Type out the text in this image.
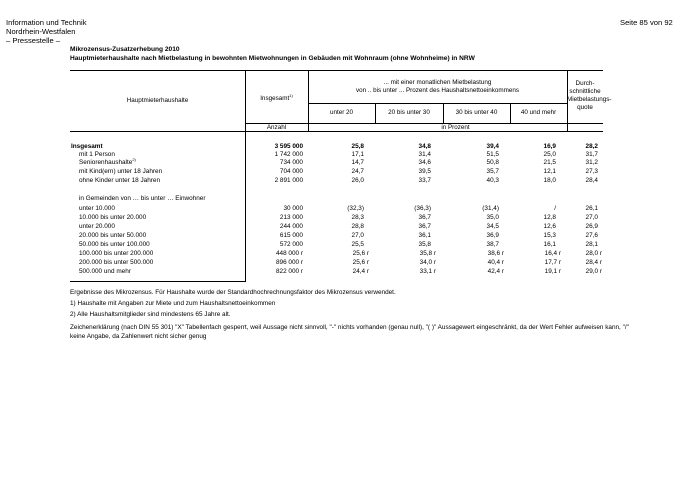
Information und Technik
Nordrhein-Westfalen
– Pressestelle –
Seite 85 von 92
Mikrozensus-Zusatzerhebung 2010
Hauptmieterhaushalte nach Mietbelastung in bewohnten Mietwohnungen in Gebäuden mit Wohnraum (ohne Wohnheime) in NRW
Hauptmieterhaushalte	Insgesamt$^{1)}$
... mit einer monatlichen Mietbelastung
von .. bis unter ... Prozent des Haushaltsnettoeinkommens
unter 20	20 bis unter 30	30 bis unter 40	40 und mehr
Durch-
schnittliche
Mietbelastungs-
quote
Anzahl	in Prozent
Insgesamt	3 595 000	25,8	34,8	39,4	16,9	28,2
mit 1 Person	1 742 000	17,1	31,4	51,5	25,0	31,7
Seniorenhaushalte$^{2)}$	734 000	14,7	34,6	50,8	21,5	31,2
mit Kind(ern) unter 18 Jahren	704 000	24,7	39,5	35,7	12,1	27,3
ohne Kinder unter 18 Jahren	2 891 000	26,0	33,7	40,3	18,0	28,4
in Gemeinden von … bis unter … Einwohner
unter 10.000	30 000	(32,3)	(36,3)	(31,4)	/	26,1
10.000 bis unter 20.000	213 000	28,3	36,7	35,0	12,8	27,0
unter 20.000	244 000	28,8	36,7	34,5	12,6	26,9
20.000 bis unter 50.000	615 000	27,0	36,1	36,9	15,3	27,6
50.000 bis unter 100.000	572 000	25,5	35,8	38,7	16,1	28,1
100.000 bis unter 200.000	448 000 r	25,6 r	35,8 r	38,6 r	16,4 r	28,0 r
200.000 bis unter 500.000	896 000 r	25,6 r	34,0 r	40,4 r	17,7 r	28,4 r
500.000 und mehr	822 000 r	24,4 r	33,1 r	42,4 r	19,1 r	29,0 r
Ergebnisse des Mikrozensus. Für Haushalte wurde der Standardhochrechnungsfaktor des Mikrozensus verwendet.
1) Haushalte mit Angaben zur Miete und zum Haushaltsnettoeinkommen
2) Alle Haushaltsmitglieder sind mindestens 65 Jahre alt.
Zeichenerklärung (nach DIN 55 301) "X" Tabellenfach gesperrt, weil Aussage nicht sinnvoll, "-" nichts vorhanden (genau null), "( )" Aussagewert eingeschränkt, da der Wert Fehler aufweisen kann, "/" keine Angabe, da Zahlenwert nicht sicher genug
